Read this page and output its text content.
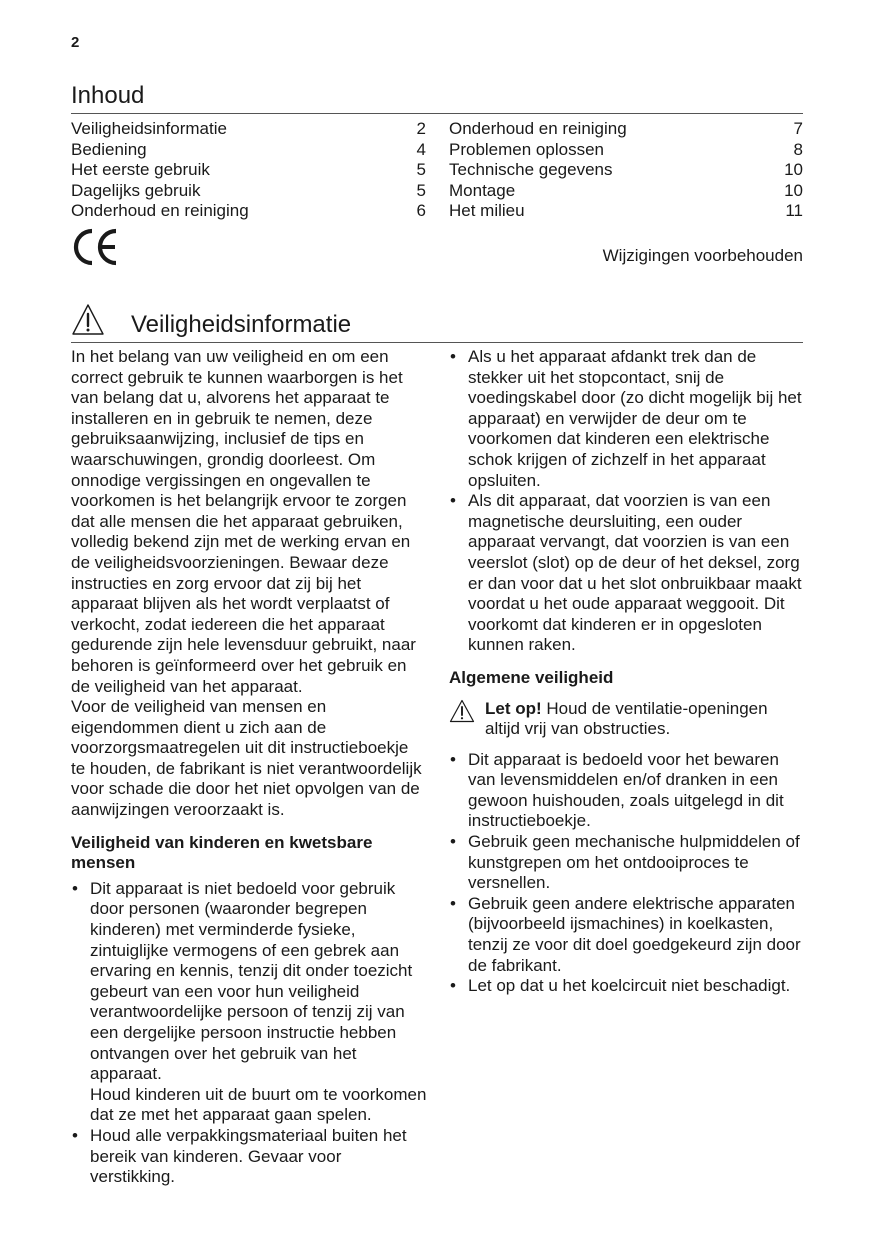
2
Inhoud
Veiligheidsinformatie	2
Bediening	4
Het eerste gebruik	5
Dagelijks gebruik	5
Onderhoud en reiniging	6
Onderhoud en reiniging	7
Problemen oplossen	8
Technische gegevens	10
Montage	10
Het milieu	11
Wijzigingen voorbehouden
Veiligheidsinformatie

In het belang van uw veiligheid en om een correct gebruik te kunnen waarborgen is het van belang dat u, alvorens het apparaat te installeren en in gebruik te nemen, deze gebruiksaanwijzing, inclusief de tips en waarschuwingen, grondig doorleest. Om onnodige vergissingen en ongevallen te voorkomen is het belangrijk ervoor te zorgen dat alle mensen die het apparaat gebruiken, volledig bekend zijn met de werking ervan en de veiligheidsvoorzieningen. Bewaar deze instructies en zorg ervoor dat zij bij het apparaat blijven als het wordt verplaatst of verkocht, zodat iedereen die het apparaat gedurende zijn hele levensduur gebruikt, naar behoren is geïnformeerd over het gebruik en de veiligheid van het apparaat.

Voor de veiligheid van mensen en eigendommen dient u zich aan de voorzorgsmaatregelen uit dit instructieboekje te houden, de fabrikant is niet verantwoordelijk voor schade die door het niet opvolgen van de aanwijzingen veroorzaakt is.

Veiligheid van kinderen en kwetsbare mensen

• Dit apparaat is niet bedoeld voor gebruik door personen (waaronder begrepen kinderen) met verminderde fysieke, zintuiglijke vermogens of een gebrek aan ervaring en kennis, tenzij dit onder toezicht gebeurt van een voor hun veiligheid verantwoordelijke persoon of tenzij zij van een dergelijke persoon instructie hebben ontvangen over het gebruik van het apparaat.
Houd kinderen uit de buurt om te voorkomen dat ze met het apparaat gaan spelen.
• Houd alle verpakkingsmateriaal buiten het bereik van kinderen. Gevaar voor verstikking.
• Als u het apparaat afdankt trek dan de stekker uit het stopcontact, snij de voedingskabel door (zo dicht mogelijk bij het apparaat) en verwijder de deur om te voorkomen dat kinderen een elektrische schok krijgen of zichzelf in het apparaat opsluiten.
• Als dit apparaat, dat voorzien is van een magnetische deursluiting, een ouder apparaat vervangt, dat voorzien is van een veerslot (slot) op de deur of het deksel, zorg er dan voor dat u het slot onbruikbaar maakt voordat u het oude apparaat weggooit. Dit voorkomt dat kinderen er in opgesloten kunnen raken.

Algemene veiligheid

Let op! Houd de ventilatie-openingen altijd vrij van obstructies.
• Dit apparaat is bedoeld voor het bewaren van levensmiddelen en/of dranken in een gewoon huishouden, zoals uitgelegd in dit instructieboekje.
• Gebruik geen mechanische hulpmiddelen of kunstgrepen om het ontdooiproces te versnellen.
• Gebruik geen andere elektrische apparaten (bijvoorbeeld ijsmachines) in koelkasten, tenzij ze voor dit doel goedgekeurd zijn door de fabrikant.
• Let op dat u het koelcircuit niet beschadigt.
